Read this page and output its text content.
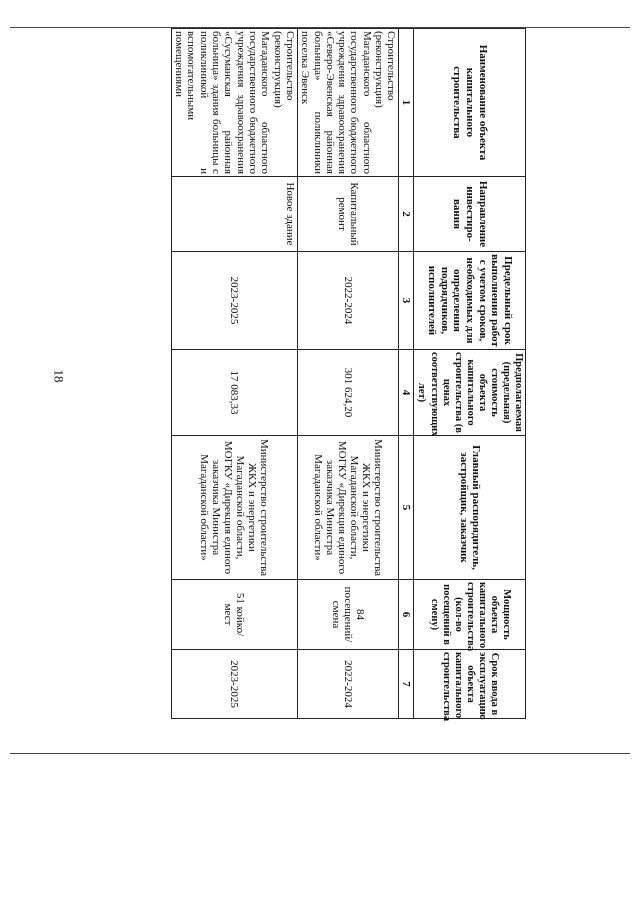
18
Наименование объекта капитального строительства	Направление инвестиро-вания	Предельный срок выполнения работ с учетом сроков, необходимых для определения подрядчиков, исполнителей	Предполагаемая (предельная) стоимость объекта капитального строительства (в ценах соответствующих лет)	Главный распорядитель, застройщик, заказчик	Мощность объекта капитального строительства (кол-во посещений в смену)	Срок ввода в эксплуатацию объекта капитального строительства
1	2	3	4	5	6	7
Строительство (реконструкция) Магаданского областного государственного бюджетного учреждения здравоохранения «Северо-Эвенская районная больница» поликлиники поселка Эвенск	Капитальный ремонт	2022-2024	301 624,20	Министерство строительства ЖКХ и энергетики Магаданской области, МОГКУ «Дирекция единого заказчика Министра Магаданской области»	84 посещений/смена	2022-2024
Строительство (реконструкция) Магаданского областного государственного бюджетного учреждения здравоохранения «Сусуманская районная больница» здания больницы с поликлиникой и вспомогательными помещениями	Новое здание	2023-2025	17 083,33	Министерство строительства ЖКХ и энергетики Магаданской области, МОГКУ «Дирекция единого заказчика Министра Магаданской области»	51 койко/мест	2023-2025
